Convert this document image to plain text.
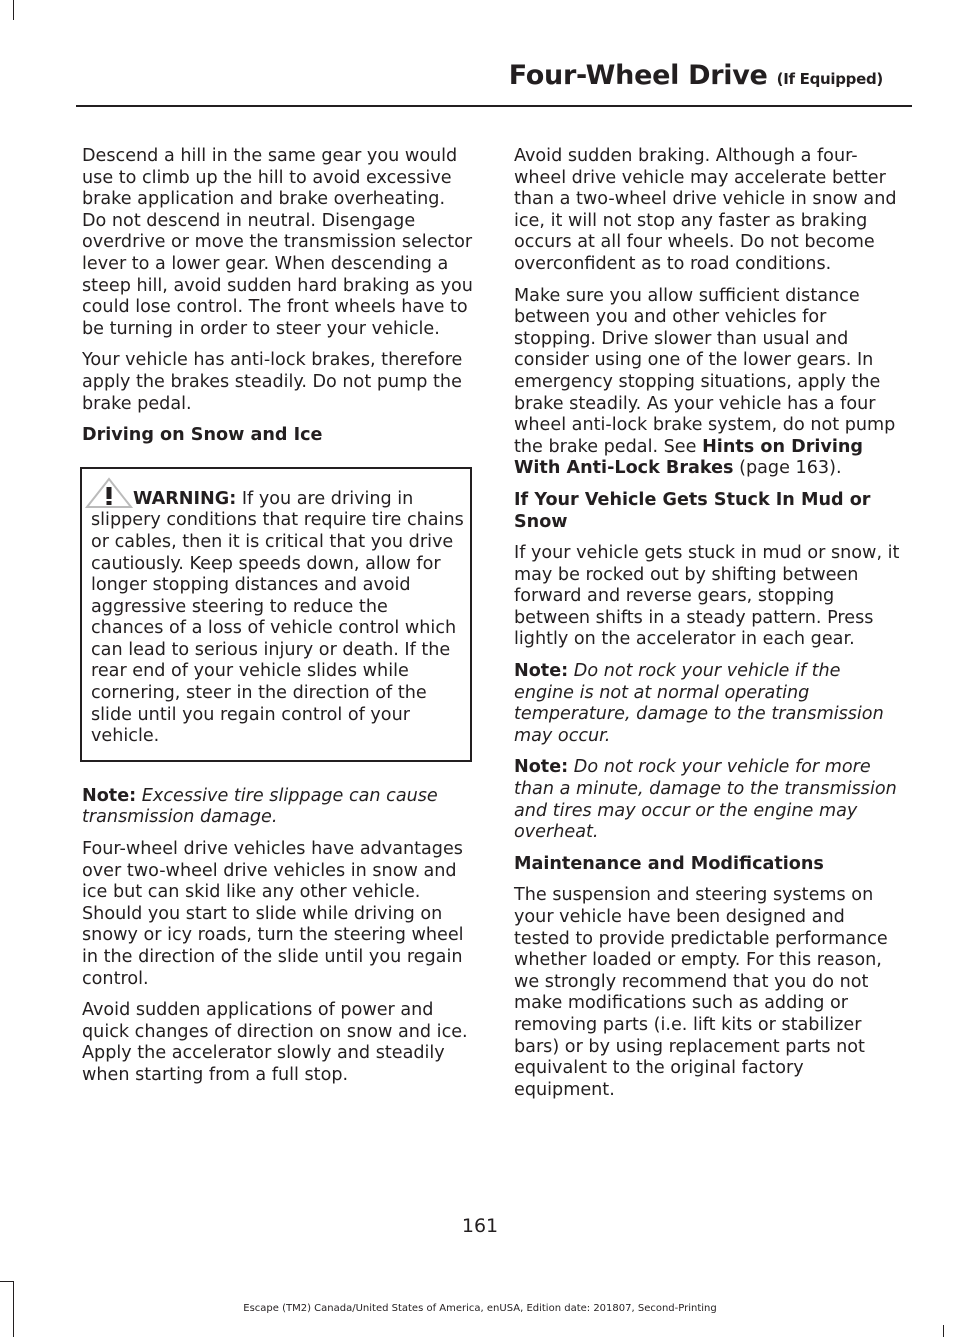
Four-Wheel Drive (If Equipped)

Descend a hill in the same gear you would use to climb up the hill to avoid excessive brake application and brake overheating. Do not descend in neutral. Disengage overdrive or move the transmission selector lever to a lower gear. When descending a steep hill, avoid sudden hard braking as you could lose control. The front wheels have to be turning in order to steer your vehicle.

Your vehicle has anti-lock brakes, therefore apply the brakes steadily. Do not pump the brake pedal.

Driving on Snow and Ice
WARNING: If you are driving in slippery conditions that require tire chains or cables, then it is critical that you drive cautiously. Keep speeds down, allow for longer stopping distances and avoid aggressive steering to reduce the chances of a loss of vehicle control which can lead to serious injury or death. If the rear end of your vehicle slides while cornering, steer in the direction of the slide until you regain control of your vehicle.

Note: Excessive tire slippage can cause transmission damage.

Four-wheel drive vehicles have advantages over two-wheel drive vehicles in snow and ice but can skid like any other vehicle. Should you start to slide while driving on snowy or icy roads, turn the steering wheel in the direction of the slide until you regain control.

Avoid sudden applications of power and quick changes of direction on snow and ice. Apply the accelerator slowly and steadily when starting from a full stop.

Avoid sudden braking. Although a four-wheel drive vehicle may accelerate better than a two-wheel drive vehicle in snow and ice, it will not stop any faster as braking occurs at all four wheels. Do not become overconfident as to road conditions.

Make sure you allow sufficient distance between you and other vehicles for stopping. Drive slower than usual and consider using one of the lower gears. In emergency stopping situations, apply the brake steadily. As your vehicle has a four wheel anti-lock brake system, do not pump the brake pedal. See Hints on Driving With Anti-Lock Brakes (page 163).

If Your Vehicle Gets Stuck In Mud or Snow

If your vehicle gets stuck in mud or snow, it may be rocked out by shifting between forward and reverse gears, stopping between shifts in a steady pattern. Press lightly on the accelerator in each gear.

Note: Do not rock your vehicle if the engine is not at normal operating temperature, damage to the transmission may occur.

Note: Do not rock your vehicle for more than a minute, damage to the transmission and tires may occur or the engine may overheat.

Maintenance and Modifications

The suspension and steering systems on your vehicle have been designed and tested to provide predictable performance whether loaded or empty. For this reason, we strongly recommend that you do not make modifications such as adding or removing parts (i.e. lift kits or stabilizer bars) or by using replacement parts not equivalent to the original factory equipment.

161
Escape (TM2) Canada/United States of America, enUSA, Edition date: 201807, Second-Printing
